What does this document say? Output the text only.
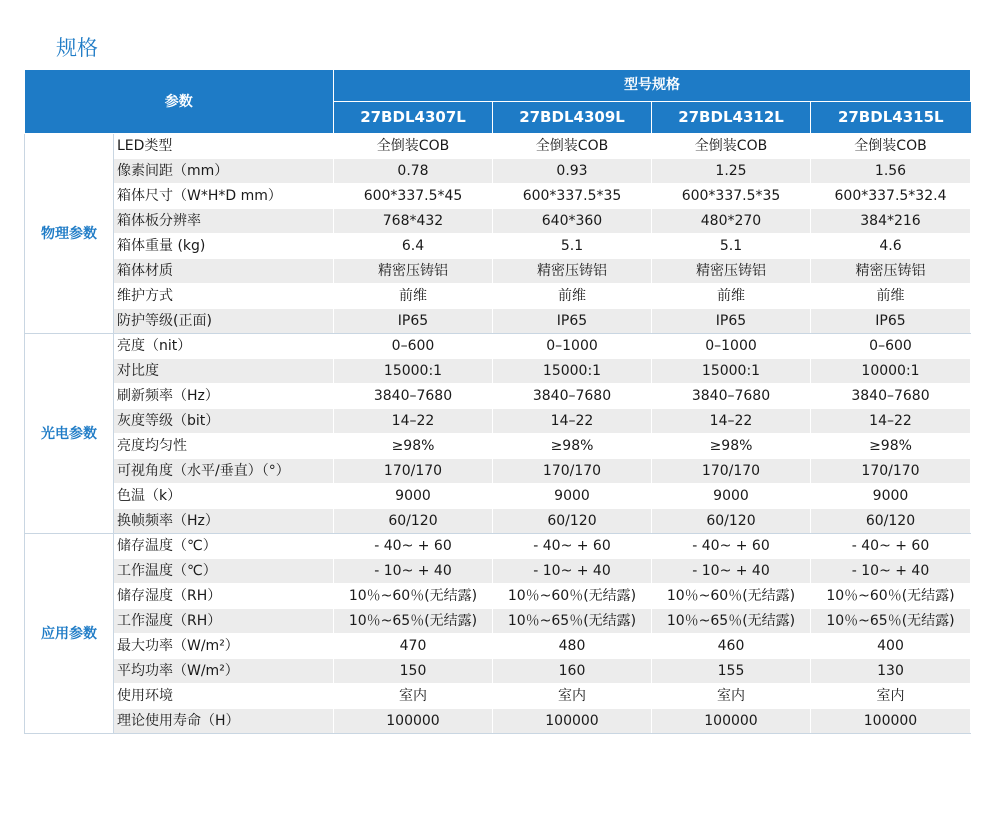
规格
参数		型号规格			
		27BDL4307L	27BDL4309L	27BDL4312L	27BDL4315L
物理参数	LED类型	全倒装COB	全倒装COB	全倒装COB	全倒装COB
	像素间距（mm）	0.78	0.93	1.25	1.56
	箱体尺寸（W*H*D mm）	600*337.5*45	600*337.5*35	600*337.5*35	600*337.5*32.4
	箱体板分辨率	768*432	640*360	480*270	384*216
	箱体重量 (kg)	6.4	5.1	5.1	4.6
	箱体材质	精密压铸铝	精密压铸铝	精密压铸铝	精密压铸铝
	维护方式	前维	前维	前维	前维
	防护等级(正面)	IP65	IP65	IP65	IP65
光电参数	亮度（nit）	0–600	0–1000	0–1000	0–600
	对比度	15000:1	15000:1	15000:1	10000:1
	刷新频率（Hz）	3840–7680	3840–7680	3840–7680	3840–7680
	灰度等级（bit）	14–22	14–22	14–22	14–22
	亮度均匀性	≥98%	≥98%	≥98%	≥98%
	可视角度（水平/垂直）（°）	170/170	170/170	170/170	170/170
	色温（k）	9000	9000	9000	9000
	换帧频率（Hz）	60/120	60/120	60/120	60/120
应用参数	储存温度（℃）	- 40~ + 60	- 40~ + 60	- 40~ + 60	- 40~ + 60
	工作温度（℃）	- 10~ + 40	- 10~ + 40	- 10~ + 40	- 10~ + 40
	储存湿度（RH）	10％~60％(无结露)	10％~60％(无结露)	10％~60％(无结露)	10％~60％(无结露)
	工作湿度（RH）	10％~65％(无结露)	10％~65％(无结露)	10％~65％(无结露)	10％~65％(无结露)
	最大功率（W/m²）	470	480	460	400
	平均功率（W/m²）	150	160	155	130
	使用环境	室内	室内	室内	室内
	理论使用寿命（H）	100000	100000	100000	100000
